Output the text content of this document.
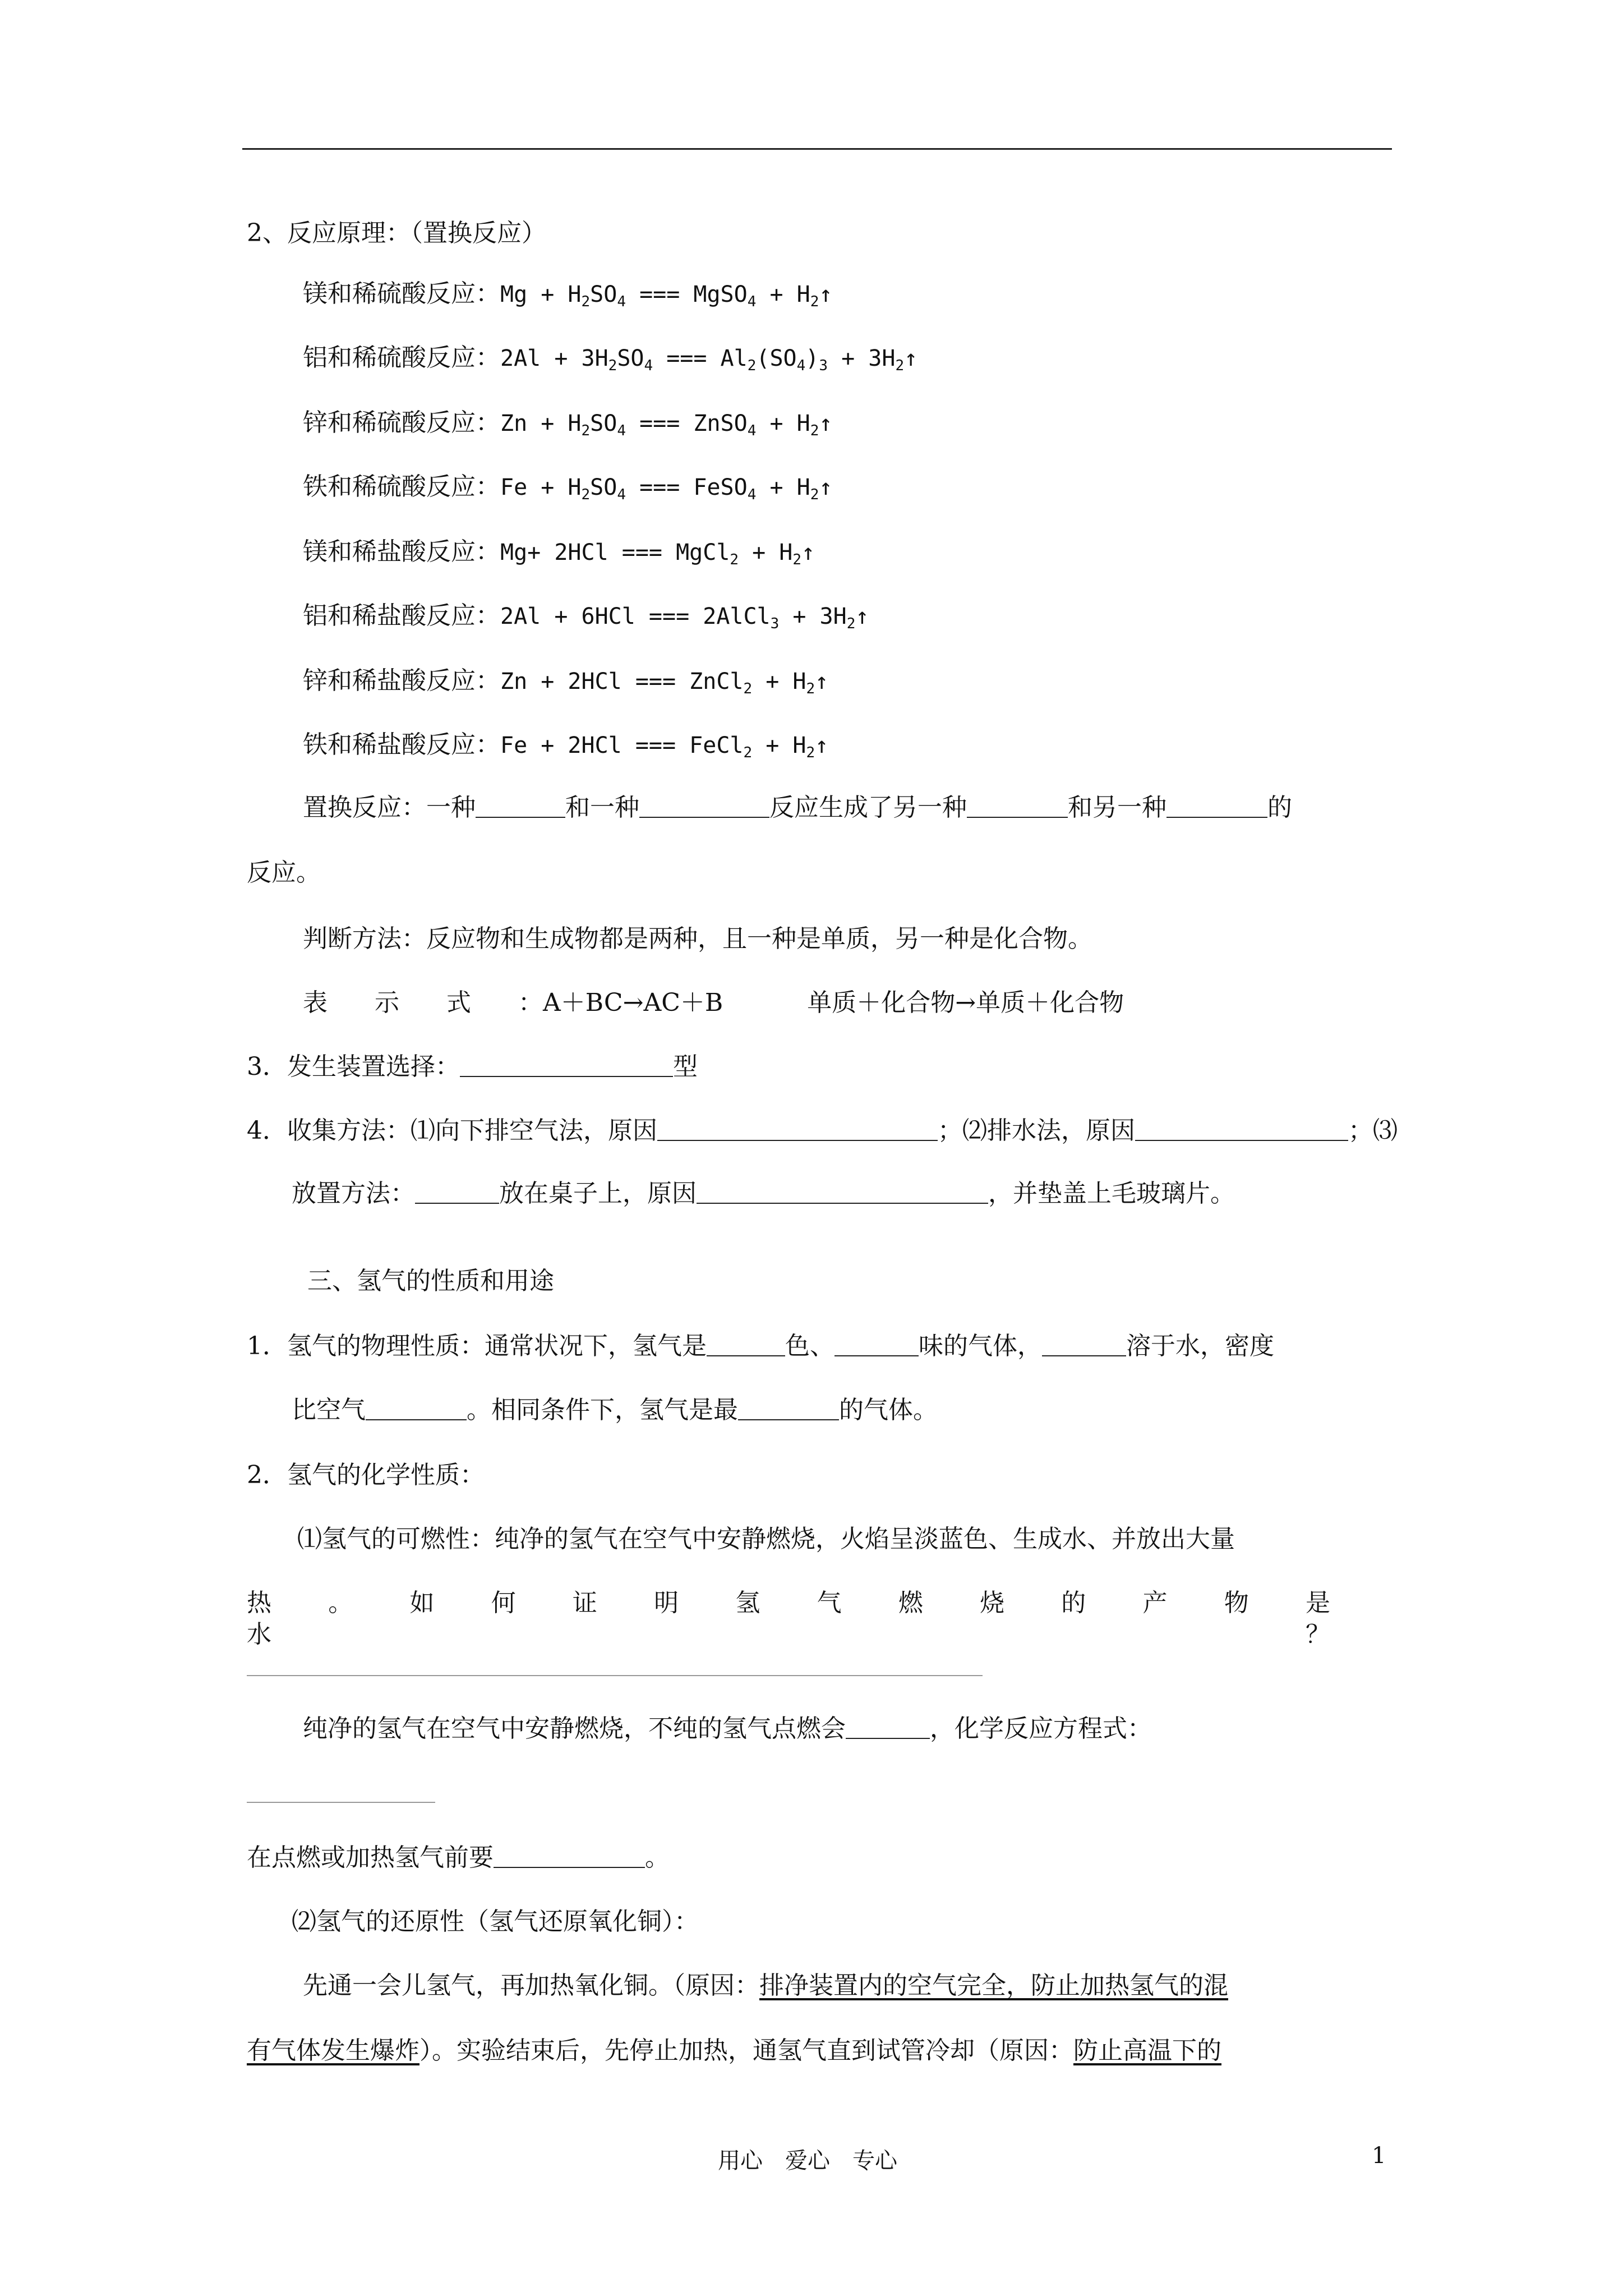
2、反应原理：（置换反应）
镁和稀硫酸反应：$Mg + H_2SO_4$ === MgSO$_4$ + $H_2↑$
铝和稀硫酸反应：$2Al + 3H_2SO_4$ === $Al_2(SO_4)_3$ + $3H_2↑$
锌和稀硫酸反应：$Zn + H_2SO_4$ === ZnSO$_4$ + $H_2↑$
铁和稀硫酸反应：$Fe + H_2SO_4$ === FeSO$_4$ + $H_2↑$
镁和稀盐酸反应：Mg+ 2HCl === MgCl$_2$ + $H_2↑$
铝和稀盐酸反应：2Al + 6HCl === 2AlCl$_3$ + $3H_2↑$
锌和稀盐酸反应：Zn + 2HCl === ZnCl$_2$ + $H_2↑$
铁和稀盐酸反应：Fe + 2HCl === FeCl$_2$ + $H_2↑$
置换反应：一种	和一种	反应生成了另一种	和另一种	的
反应。
判断方法：反应物和生成物都是两种，且一种是单质，另一种是化合物。
表示式：A＋BC→AC＋B	单质＋化合物→单质＋化合物
3．发生装置选择：	型
4．收集方法：⑴向下排空气法，原因	；⑵排水法，原因	；⑶
放置方法：	放在桌子上，原因	，并垫盖上毛玻璃片。
三、氢气的性质和用途
1．氢气的物理性质：通常状况下，氢气是	色、	味的气体，	溶于水，密度
比空气	。相同条件下，氢气是最	的气体。
2．氢气的化学性质：
⑴氢气的可燃性：纯净的氢气在空气中安静燃烧，火焰呈淡蓝色、生成水、并放出大量
热。如何证明氢气燃烧的产物是水？
纯净的氢气在空气中安静燃烧，不纯的氢气点燃会	，化学反应方程式：
在点燃或加热氢气前要	。
⑵氢气的还原性（氢气还原氧化铜）：
先通一会儿氢气，再加热氧化铜。（原因：排净装置内的空气完全，防止加热氢气的混
有气体发生爆炸）。实验结束后，先停止加热，通氢气直到试管冷却（原因：防止高温下的
用心　爱心　专心	1
